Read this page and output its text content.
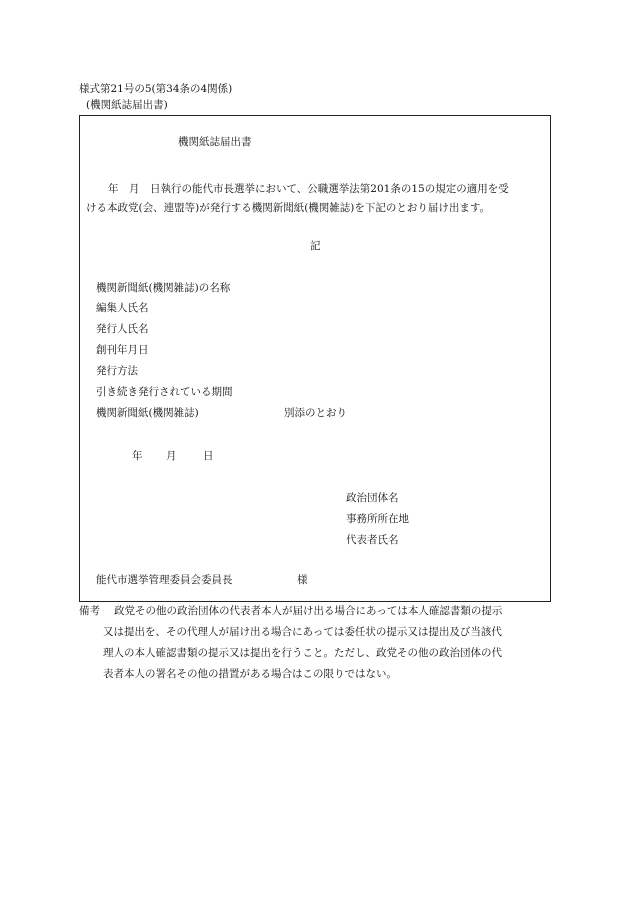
様式第21号の5(第34条の4関係)
(機関紙誌届出書)
機関紙誌届出書
年　月　日執行の能代市長選挙において、公職選挙法第201条の15の規定の適用を受
ける本政党(会、連盟等)が発行する機関新聞紙(機関雑誌)を下記のとおり届け出ます。
記
機関新聞紙(機関雑誌)の名称
編集人氏名
発行人氏名
創刊年月日
発行方法
引き続き発行されている期間
機関新聞紙(機関雑誌)	別添のとおり
年 月	日
政治団体名
事務所所在地
代表者氏名
能代市選挙管理委員会委員長	様
備考 政党その他の政治団体の代表者本人が届け出る場合にあっては本人確認書類の提示
又は提出を、その代理人が届け出る場合にあっては委任状の提示又は提出及び当該代
理人の本人確認書類の提示又は提出を行うこと。ただし、政党その他の政治団体の代
表者本人の署名その他の措置がある場合はこの限りではない。
